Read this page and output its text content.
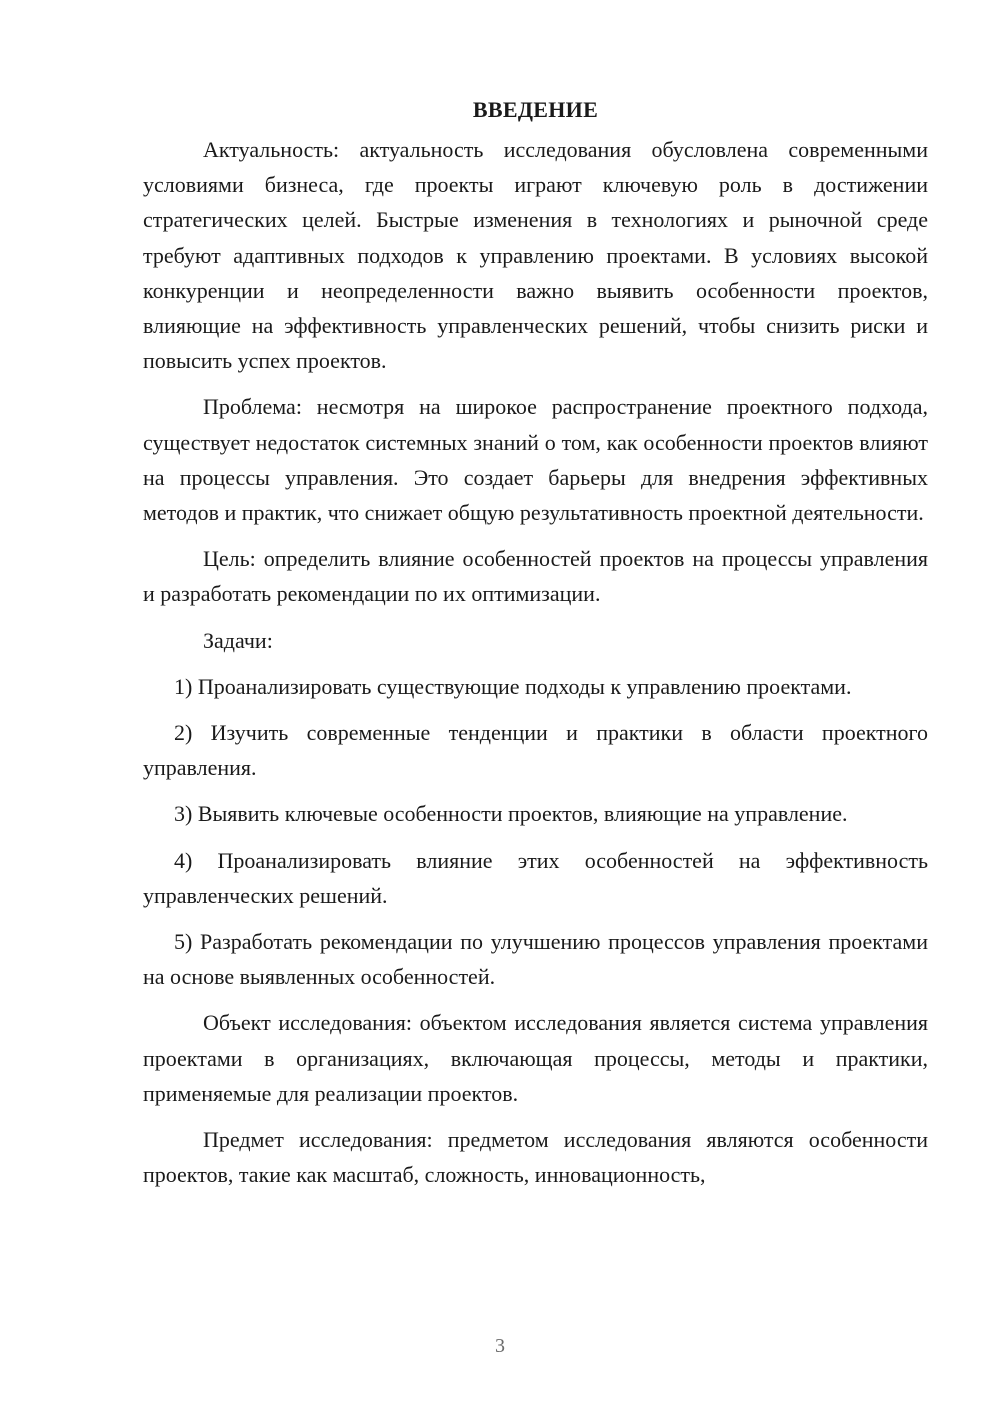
ВВЕДЕНИЕ

Актуальность: актуальность исследования обусловлена современными условиями бизнеса, где проекты играют ключевую роль в достижении стратегических целей. Быстрые изменения в технологиях и рыночной среде требуют адаптивных подходов к управлению проектами. В условиях высокой конкуренции и неопределенности важно выявить особенности проектов, влияющие на эффективность управленческих решений, чтобы снизить риски и повысить успех проектов.

Проблема: несмотря на широкое распространение проектного подхода, существует недостаток системных знаний о том, как особенности проектов влияют на процессы управления. Это создает барьеры для внедрения эффективных методов и практик, что снижает общую результативность проектной деятельности.

Цель: определить влияние особенностей проектов на процессы управления и разработать рекомендации по их оптимизации.

Задачи:

1) Проанализировать существующие подходы к управлению проектами.

2) Изучить современные тенденции и практики в области проектного управления.

3) Выявить ключевые особенности проектов, влияющие на управление.

4) Проанализировать влияние этих особенностей на эффективность управленческих решений.

5) Разработать рекомендации по улучшению процессов управления проектами на основе выявленных особенностей.

Объект исследования: объектом исследования является система управления проектами в организациях, включающая процессы, методы и практики, применяемые для реализации проектов.

Предмет исследования: предметом исследования являются особенности проектов, такие как масштаб, сложность, инновационность,

3
